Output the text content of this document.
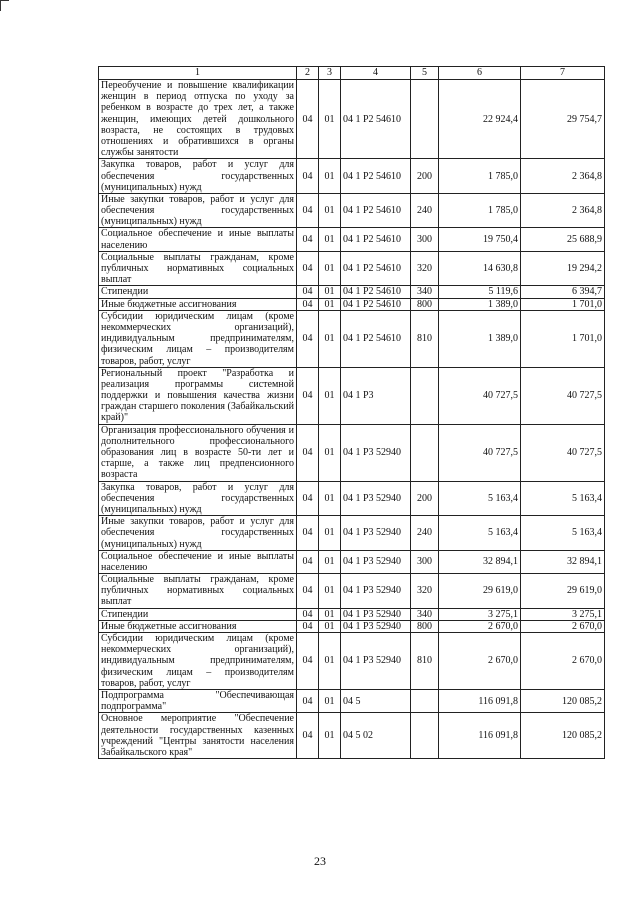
1	2	3	4	5	6	7
Переобучение и повышение квалификации женщин в период отпуска по уходу за ребенком в возрасте до трех лет, а также женщин, имеющих детей дошкольного возраста, не состоящих в трудовых отношениях и обратившихся в органы службы занятости	04	01	04 1 Р2 54610		22 924,4	29 754,7
Закупка товаров, работ и услуг для обеспечения государственных (муниципальных) нужд	04	01	04 1 Р2 54610	200	1 785,0	2 364,8
Иные закупки товаров, работ и услуг для обеспечения государственных (муниципальных) нужд	04	01	04 1 Р2 54610	240	1 785,0	2 364,8
Социальное обеспечение и иные выплаты населению	04	01	04 1 Р2 54610	300	19 750,4	25 688,9
Социальные выплаты гражданам, кроме публичных нормативных социальных выплат	04	01	04 1 Р2 54610	320	14 630,8	19 294,2
Стипендии	04	01	04 1 Р2 54610	340	5 119,6	6 394,7
Иные бюджетные ассигнования	04	01	04 1 Р2 54610	800	1 389,0	1 701,0
Субсидии юридическим лицам (кроме некоммерческих организаций), индивидуальным предпринимателям, физическим лицам – производителям товаров, работ, услуг	04	01	04 1 Р2 54610	810	1 389,0	1 701,0
Региональный проект "Разработка и реализация программы системной поддержки и повышения качества жизни граждан старшего поколения (Забайкальский край)"	04	01	04 1 Р3		40 727,5	40 727,5
Организация профессионального обучения и дополнительного профессионального образования лиц в возрасте 50-ти лет и старше, а также лиц предпенсионного возраста	04	01	04 1 Р3 52940		40 727,5	40 727,5
Закупка товаров, работ и услуг для обеспечения государственных (муниципальных) нужд	04	01	04 1 Р3 52940	200	5 163,4	5 163,4
Иные закупки товаров, работ и услуг для обеспечения государственных (муниципальных) нужд	04	01	04 1 Р3 52940	240	5 163,4	5 163,4
Социальное обеспечение и иные выплаты населению	04	01	04 1 Р3 52940	300	32 894,1	32 894,1
Социальные выплаты гражданам, кроме публичных нормативных социальных выплат	04	01	04 1 Р3 52940	320	29 619,0	29 619,0
Стипендии	04	01	04 1 Р3 52940	340	3 275,1	3 275,1
Иные бюджетные ассигнования	04	01	04 1 Р3 52940	800	2 670,0	2 670,0
Субсидии юридическим лицам (кроме некоммерческих организаций), индивидуальным предпринимателям, физическим лицам – производителям товаров, работ, услуг	04	01	04 1 Р3 52940	810	2 670,0	2 670,0
Подпрограмма "Обеспечивающая подпрограмма"	04	01	04 5		116 091,8	120 085,2
Основное мероприятие "Обеспечение деятельности государственных казенных учреждений "Центры занятости населения Забайкальского края"	04	01	04 5 02		116 091,8	120 085,2
23
